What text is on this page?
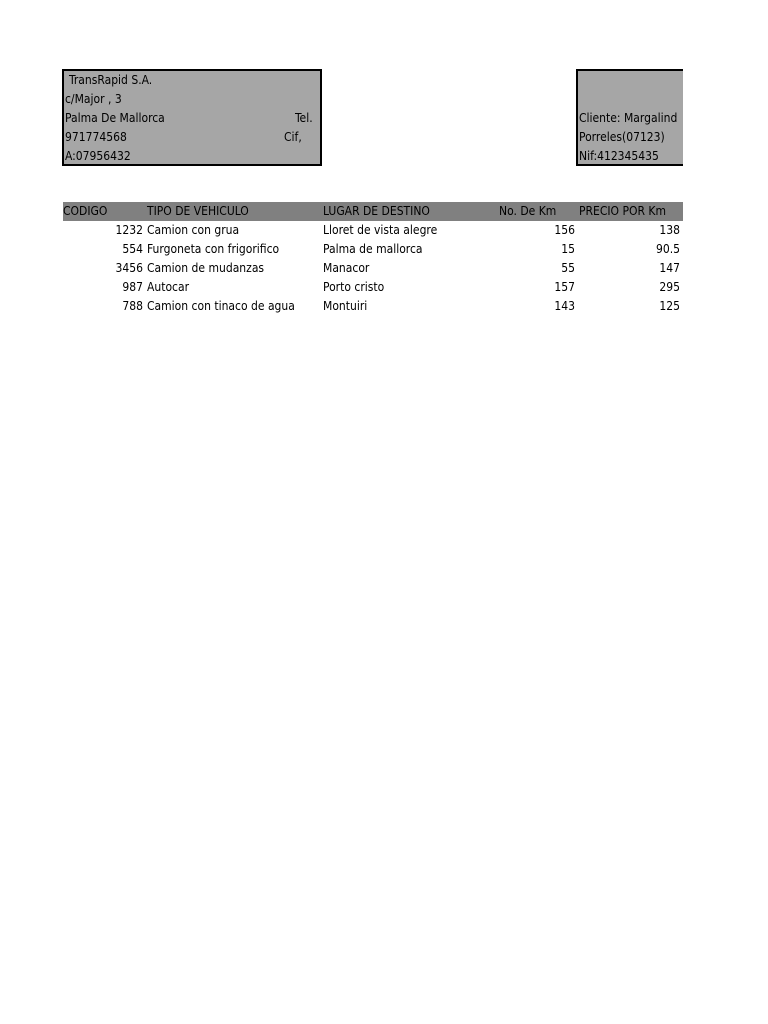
TransRapid S.A.
c/Major , 3
Palma De Mallorca	Tel.
971774568	Cif,
A:07956432
Cliente: Margalind
Porreles(07123)
Nif:412345435
CODIGO	TIPO DE VEHICULO	LUGAR DE DESTINO	No. De Km	PRECIO POR Km
1232 Camion con grua	Lloret de vista alegre	156	138
554 Furgoneta con frigorifico	Palma de mallorca	15	90.5
3456 Camion de mudanzas	Manacor	55	147
987 Autocar	Porto cristo	157	295
788 Camion con tinaco de agua	Montuiri	143	125
